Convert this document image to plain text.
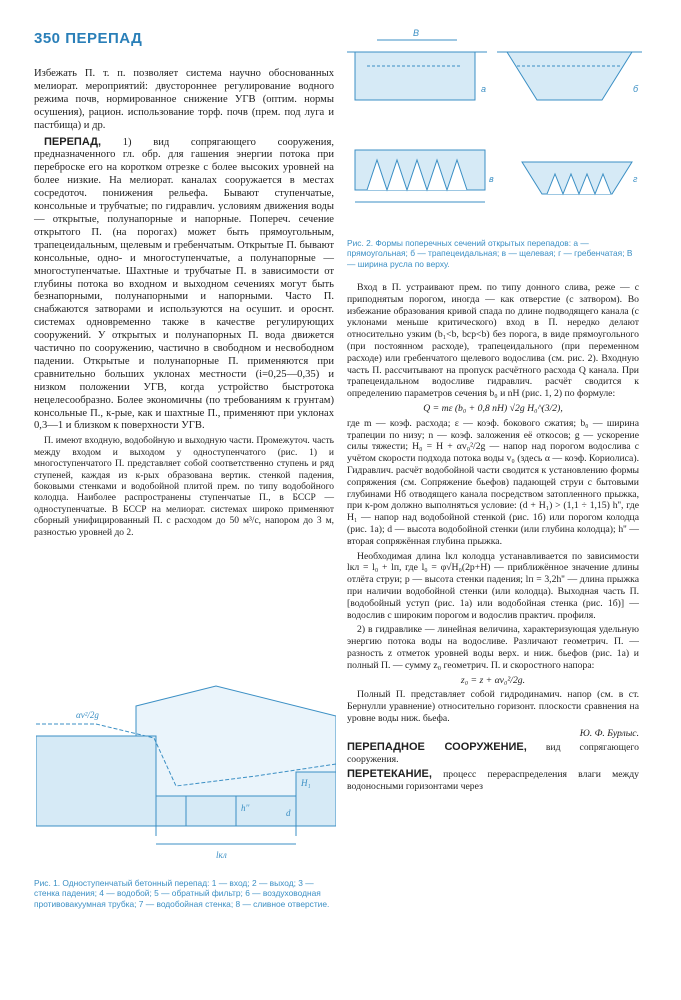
350 ПЕРЕПАД

Избежать П. т. п. позволяет система научно обоснованных мелиорат. мероприятий: двустороннее регулирование водного режима почв, нормированное снижение УГВ (оптим. нормы осушения), рацион. использование торф. почв (прем. под луга и пастбища) и др.

ПЕРЕПАД, 1) вид сопрягающего сооружения, предназначенного гл. обр. для гашения энергии потока при переброске его на коротком отрезке с более высоких уровней на более низкие. На мелиорат. каналах сооружается в местах сосредоточ. понижения рельефа. Бывают ступенчатые, консольные и трубчатые; по гидравлич. условиям движения воды — открытые, полунапорные и напорные. Попереч. сечение открытого П. (на порогах) может быть прямоугольным, трапецеидальным, щелевым и гребенчатым. Открытые П. бывают консольные, одно- и многоступенчатые, а полунапорные — многоступенчатые. Шахтные и трубчатые П. в зависимости от глубины потока во входном и выходном сечениях могут быть безнапорными, полунапорными и напорными. Часто П. снабжаются затворами и используются на осушит. и ороснт. системах одновременно также в качестве регулирующих сооружений. У открытых и полунапорных П. вода движется частично по сооружению, частично в свободном и несвободном падении. Открытые и полунапорные П. применяются при сравнительно больших уклонах местности (i=0,25—0,35) и низком положении УГВ, когда устройство быстротока нецелесообразно. Более экономичны (по требованиям к грунтам) консольные П., к-рые, как и шахтные П., применяют при уклонах 0,3—1 и близком к поверхности УГВ.

П. имеют входную, водобойную и выходную части. Промежуточ. часть между входом и выходом у одноступенчатого (рис. 1) и многоступенчатого П. представляет собой соответственно ступень и ряд ступеней, каждая из к-рых образована вертик. стенкой падения, боковыми стенками и водобойной плитой прем. по типу водобойного колодца. Наиболее распространены ступенчатые П., в БССР — одноступенчатые. В БССР на мелиорат. системах широко применяют сборный унифицированный П. с расходом до 50 м³/с, напором до 3 м, разностью уровней до 2.

а	б
в	г
B
Рис. 2. Формы поперечных сечений открытых перепадов: а — прямоугольная; б — трапецеидальная; в — щелевая; г — гребенчатая; B — ширина русла по верху.

Вход в П. устраивают прем. по типу донного слива, реже — с приподнятым порогом, иногда — как отверстие (с затвором). Во избежание образования кривой спада по длине подводящего канала (с уклонами меньше критического) вход в П. нередко делают относительно узким (b₁<b, bср<b) без порога, в виде прямоугольного (при постоянном расходе), трапецеидального (при переменном расходе) или гребенчатого щелевого водослива (см. рис. 2). Входную часть П. рассчитывают на пропуск расчётного расхода Q канала. При трапецеидальном водосливе гидравлич. расчёт сводится к определению параметров сечения b₀ и nH (рис. 1, 2) по формуле:

Q = mε (b₀ + 0,8 nH) √2g H₀^(3/2),

где m — коэф. расхода; ε — коэф. бокового сжатия; b₀ — ширина трапеции по низу; n — коэф. заложения её откосов; g — ускорение силы тяжести; H₀ = H + αv₀²/2g — напор над порогом водослива с учётом скорости подхода потока воды v₀ (здесь α — коэф. Кориолиса). Гидравлич. расчёт водобойной части сводится к установлению формы сопряжения (см. Сопряжение бьефов) падающей струи с бытовыми глубинами Hб отводящего канала посредством затопленного прыжка, при к-ром должно выполняться условие: (d + H₁) > (1,1 ÷ 1,15) h'', где H₁ — напор над водобойной стенкой (рис. 1б) или порогом колодца (рис. 1а); d — высота водобойной стенки (или глубина колодца); h'' — вторая сопряжённая глубина прыжка.

Необходимая длина lкл колодца устанавливается по зависимости lкл = l₀ + lп, где l₀ = φ√H₀(2p+H) — приближённое значение длины отлёта струи; p — высота стенки падения; lп = 3,2h'' — длина прыжка при наличии водобойной стенки (или колодца). Выходная часть П. [водобойный уступ (рис. 1а) или водобойная стенка (рис. 1б)] — водослив с широким порогом и водослив практич. профиля.

2) в гидравлике — линейная величина, характеризующая удельную энергию потока воды на водосливе. Различают геометрич. П. — разность z отметок уровней воды верх. и ниж. бьефов (рис. 1а) и полный П. — сумму z₀ геометрич. П. и скоростного напора:

z₀ = z + αv₀²/2g.

Полный П. представляет собой гидродинамич. напор (см. в ст. Бернулли уравнение) относительно горизонт. плоскости сравнения на уровне воды ниж. бьефа.

Ю. Ф. Бурлыс.

ПЕРЕПАДНОЕ СООРУЖЕНИЕ, вид сопрягающего сооружения.

ПЕРЕТЕКАНИЕ, процесс перераспределения влаги между водоносными горизонтами через

αv²/2g
H₁
h''
lкл
d
Рис. 1. Одноступенчатый бетонный перепад: 1 — вход; 2 — выход; 3 — стенка падения; 4 — водобой; 5 — обратный фильтр; 6 — воздуховодная противовакуумная трубка; 7 — водобойная стенка; 8 — сливное отверстие.
